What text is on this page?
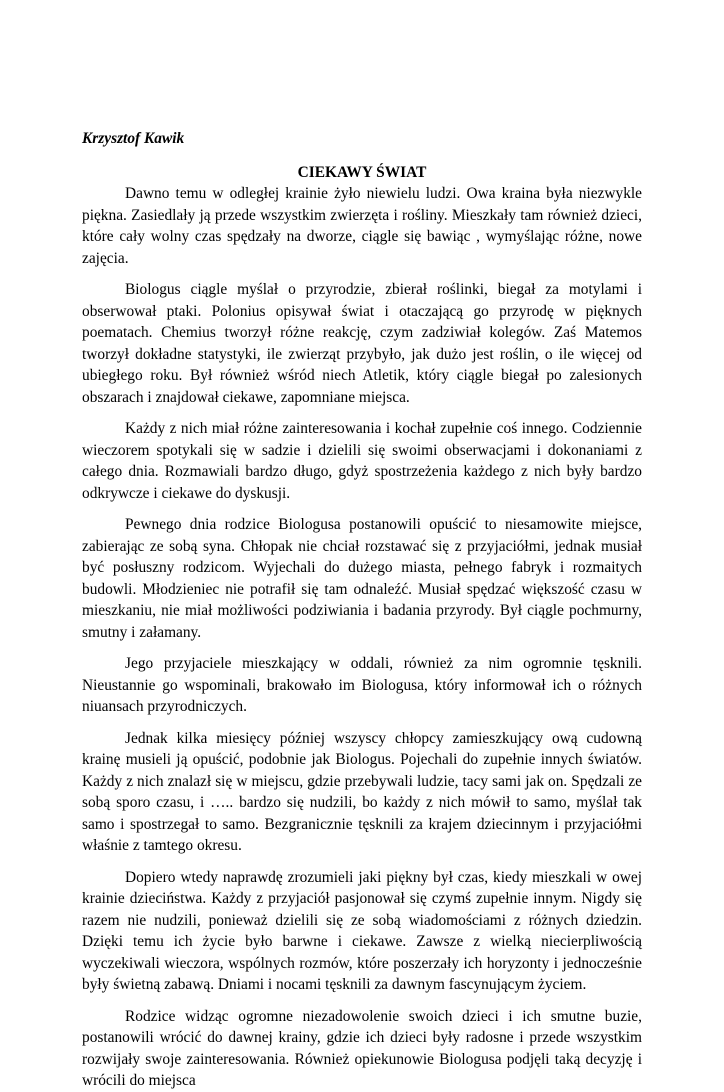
Krzysztof Kawik

CIEKAWY ŚWIAT

Dawno temu w odległej krainie żyło niewielu ludzi. Owa kraina była niezwykle piękna. Zasiedlały ją przede wszystkim zwierzęta i rośliny. Mieszkały tam również dzieci, które cały wolny czas spędzały na dworze, ciągle się bawiąc , wymyślając różne, nowe zajęcia.

Biologus ciągle myślał o przyrodzie, zbierał roślinki, biegał za motylami i obserwował ptaki. Polonius opisywał świat i otaczającą go przyrodę w pięknych poematach. Chemius tworzył różne reakcję, czym zadziwiał kolegów. Zaś Matemos tworzył dokładne statystyki, ile zwierząt przybyło, jak dużo jest roślin, o ile więcej od ubiegłego roku. Był również wśród niech Atletik, który ciągle biegał po zalesionych obszarach i znajdował ciekawe, zapomniane miejsca.

Każdy z nich miał różne zainteresowania i kochał zupełnie coś innego. Codziennie wieczorem spotykali się w sadzie i dzielili się swoimi obserwacjami i dokonaniami z całego dnia. Rozmawiali bardzo długo, gdyż spostrzeżenia każdego z nich były bardzo odkrywcze i ciekawe do dyskusji.

Pewnego dnia rodzice Biologusa postanowili opuścić to niesamowite miejsce, zabierając ze sobą syna. Chłopak nie chciał rozstawać się z przyjaciółmi, jednak musiał być posłuszny rodzicom. Wyjechali do dużego miasta, pełnego fabryk i rozmaitych budowli. Młodzieniec nie potrafił się tam odnaleźć. Musiał spędzać większość czasu w mieszkaniu, nie miał możliwości podziwiania i badania przyrody. Był ciągle pochmurny, smutny i załamany.

Jego przyjaciele mieszkający w oddali, również za nim ogromnie tęsknili. Nieustannie go wspominali, brakowało im Biologusa, który informował ich o różnych niuansach przyrodniczych.

Jednak kilka miesięcy później wszyscy chłopcy zamieszkujący ową cudowną krainę musieli ją opuścić, podobnie jak Biologus. Pojechali do zupełnie innych światów. Każdy z nich znalazł się w miejscu, gdzie przebywali ludzie, tacy sami jak on. Spędzali ze sobą sporo czasu, i ….. bardzo się nudzili, bo każdy z nich mówił to samo, myślał tak samo i spostrzegał to samo. Bezgranicznie tęsknili za krajem dziecinnym i przyjaciółmi właśnie z tamtego okresu.

Dopiero wtedy naprawdę zrozumieli jaki piękny był czas, kiedy mieszkali w owej krainie dzieciństwa. Każdy z przyjaciół pasjonował się czymś zupełnie innym. Nigdy się razem nie nudzili, ponieważ dzielili się ze sobą wiadomościami z różnych dziedzin. Dzięki temu ich życie było barwne i ciekawe. Zawsze z wielką niecierpliwością wyczekiwali wieczora, wspólnych rozmów, które poszerzały ich horyzonty i jednocześnie były świetną zabawą. Dniami i nocami tęsknili za dawnym fascynującym życiem.

Rodzice widząc ogromne niezadowolenie swoich dzieci i ich smutne buzie, postanowili wrócić do dawnej krainy, gdzie ich dzieci były radosne i przede wszystkim rozwijały swoje zainteresowania. Również opiekunowie Biologusa podjęli taką decyzję i wrócili do miejsca
